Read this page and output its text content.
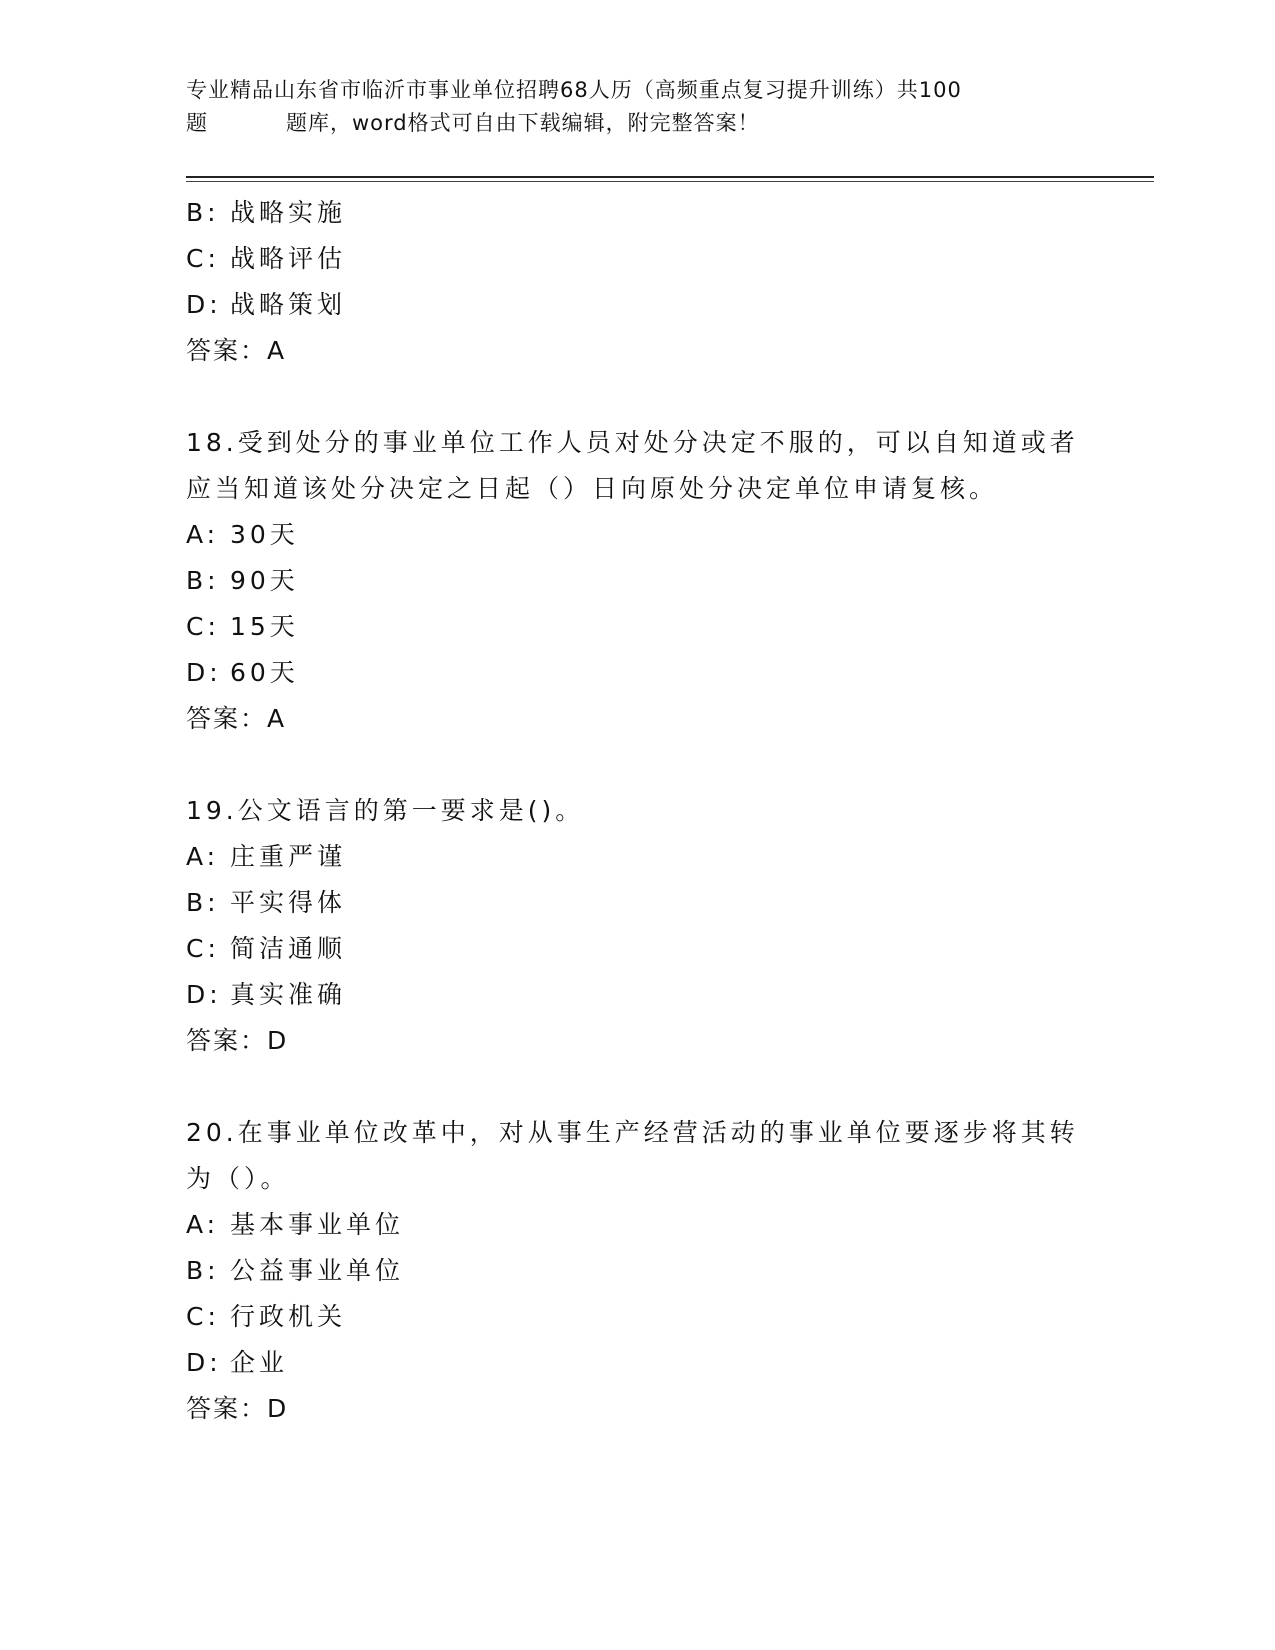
专业精品山东省市临沂市事业单位招聘68人历（高频重点复习提升训练）共100
题	题库，word格式可自由下载编辑，附完整答案！
B: 战略实施
C: 战略评估
D: 战略策划
答案：A
18.受到处分的事业单位工作人员对处分决定不服的，可以自知道或者
应当知道该处分决定之日起（）日向原处分决定单位申请复核。
A: 30天
B: 90天
C: 15天
D: 60天
答案：A
19.公文语言的第一要求是()。
A: 庄重严谨
B: 平实得体
C: 简洁通顺
D: 真实准确
答案：D
20.在事业单位改革中，对从事生产经营活动的事业单位要逐步将其转
为（）。
A: 基本事业单位
B: 公益事业单位
C: 行政机关
D: 企业
答案：D
